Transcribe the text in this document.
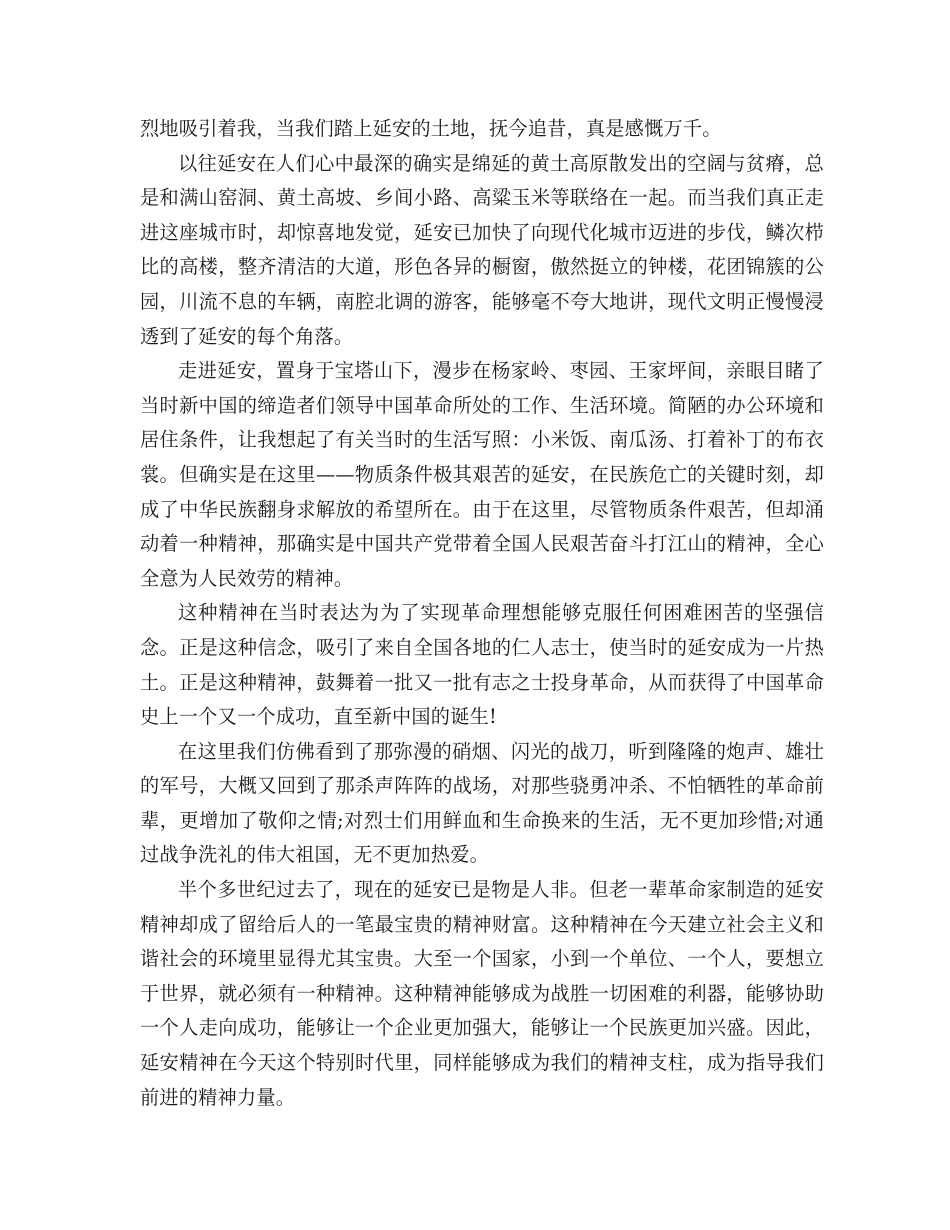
烈地吸引着我，当我们踏上延安的土地，抚今追昔，真是感慨万千。

以往延安在人们心中最深的确实是绵延的黄土高原散发出的空阔与贫瘠，总是和满山窑洞、黄土高坡、乡间小路、高粱玉米等联络在一起。而当我们真正走进这座城市时，却惊喜地发觉，延安已加快了向现代化城市迈进的步伐，鳞次栉比的高楼，整齐清洁的大道，形色各异的橱窗，傲然挺立的钟楼，花团锦簇的公园，川流不息的车辆，南腔北调的游客，能够毫不夸大地讲，现代文明正慢慢浸透到了延安的每个角落。

走进延安，置身于宝塔山下，漫步在杨家岭、枣园、王家坪间，亲眼目睹了当时新中国的缔造者们领导中国革命所处的工作、生活环境。简陋的办公环境和居住条件，让我想起了有关当时的生活写照：小米饭、南瓜汤、打着补丁的布衣裳。但确实是在这里——物质条件极其艰苦的延安，在民族危亡的关键时刻，却成了中华民族翻身求解放的希望所在。由于在这里，尽管物质条件艰苦，但却涌动着一种精神，那确实是中国共产党带着全国人民艰苦奋斗打江山的精神，全心全意为人民效劳的精神。

这种精神在当时表达为为了实现革命理想能够克服任何困难困苦的坚强信念。正是这种信念，吸引了来自全国各地的仁人志士，使当时的延安成为一片热土。正是这种精神，鼓舞着一批又一批有志之士投身革命，从而获得了中国革命史上一个又一个成功，直至新中国的诞生!

在这里我们仿佛看到了那弥漫的硝烟、闪光的战刀，听到隆隆的炮声、雄壮的军号，大概又回到了那杀声阵阵的战场，对那些骁勇冲杀、不怕牺牲的革命前辈，更增加了敬仰之情;对烈士们用鲜血和生命换来的生活，无不更加珍惜;对通过战争洗礼的伟大祖国，无不更加热爱。

半个多世纪过去了，现在的延安已是物是人非。但老一辈革命家制造的延安精神却成了留给后人的一笔最宝贵的精神财富。这种精神在今天建立社会主义和谐社会的环境里显得尤其宝贵。大至一个国家，小到一个单位、一个人，要想立于世界，就必须有一种精神。这种精神能够成为战胜一切困难的利器，能够协助一个人走向成功，能够让一个企业更加强大，能够让一个民族更加兴盛。因此，延安精神在今天这个特别时代里，同样能够成为我们的精神支柱，成为指导我们前进的精神力量。
